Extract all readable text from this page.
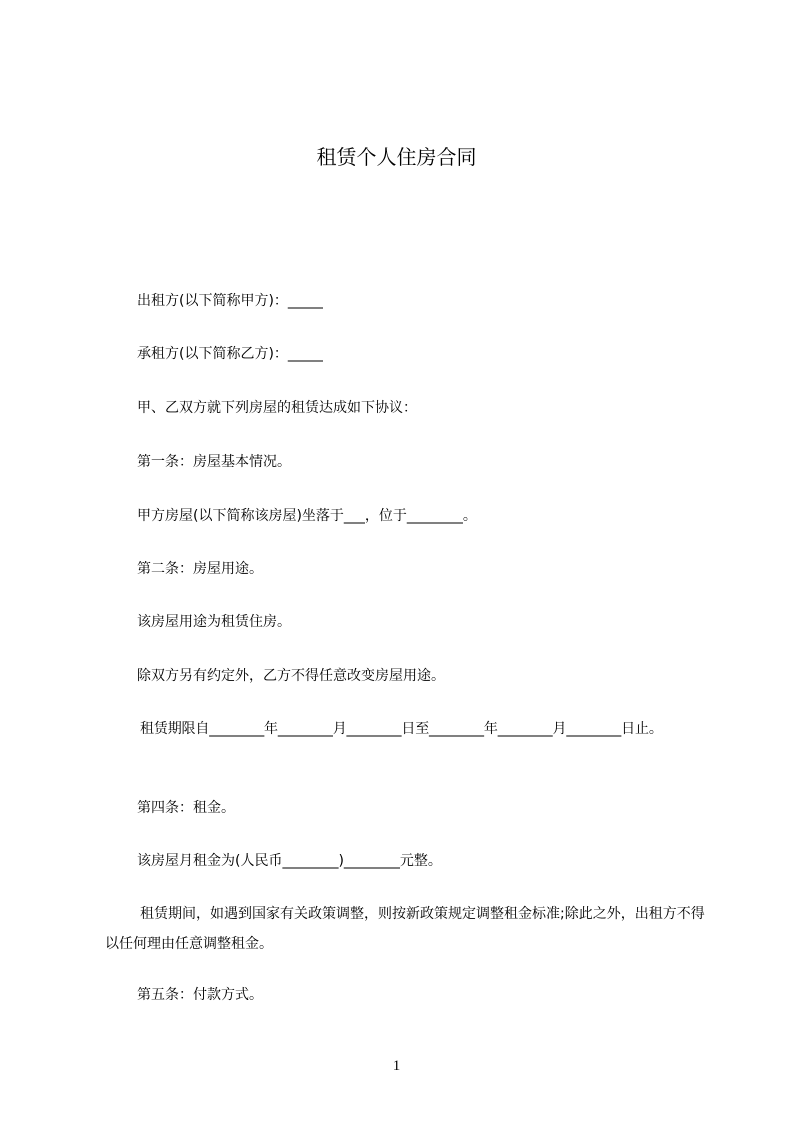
租赁个人住房合同

出租方(以下简称甲方)：_____

承租方(以下简称乙方)：_____

甲、乙双方就下列房屋的租赁达成如下协议：

第一条：房屋基本情况。

甲方房屋(以下简称该房屋)坐落于___，位于________。

第二条：房屋用途。

该房屋用途为租赁住房。

除双方另有约定外，乙方不得任意改变房屋用途。

租赁期限自________年________月________日至________年________月________日止。

第四条：租金。

该房屋月租金为(人民币________)________元整。

租赁期间，如遇到国家有关政策调整，则按新政策规定调整租金标准;除此之外，出租方不得以任何理由任意调整租金。

第五条：付款方式。

1
